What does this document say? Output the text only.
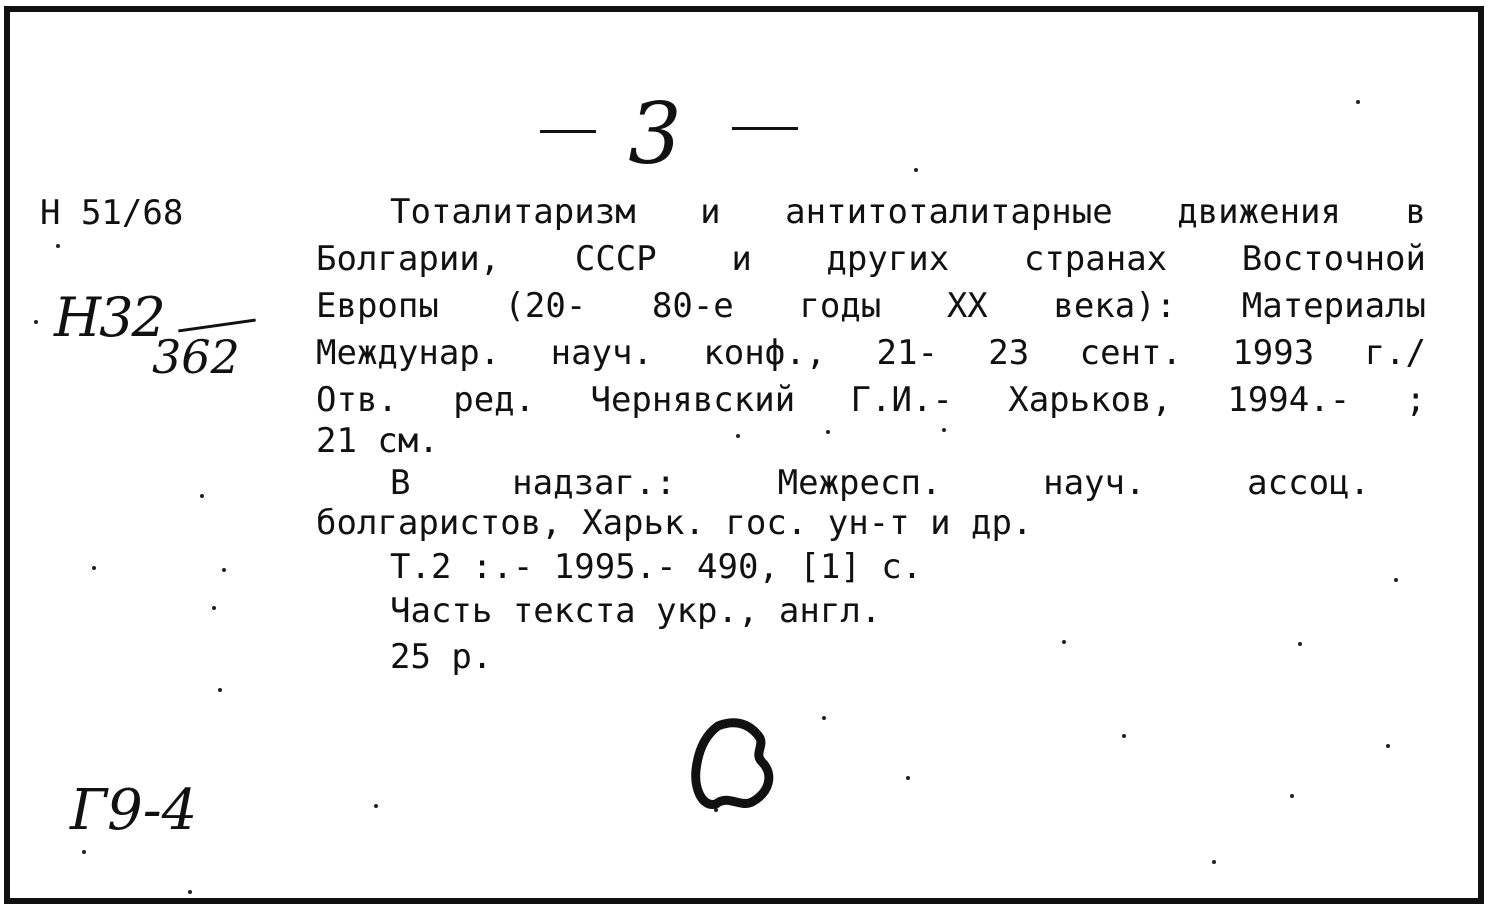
3
Н 51/68
Н32
362
Тоталитаризм и антитоталитарные движения в
Болгарии, СССР и других странах Восточной
Европы (20- 80-е годы XX века): Материалы
Междунар. науч. конф., 21- 23 сент. 1993 г./
Отв. ред. Чернявский Г.И.- Харьков, 1994.- ;
21 см.
В надзаг.: Межресп. науч. ассоц.
болгаристов, Харьк. гос. ун-т и др.
Т.2 :.- 1995.- 490, [1] с.
Часть текста укр., англ.
25 р.
Г9-4
